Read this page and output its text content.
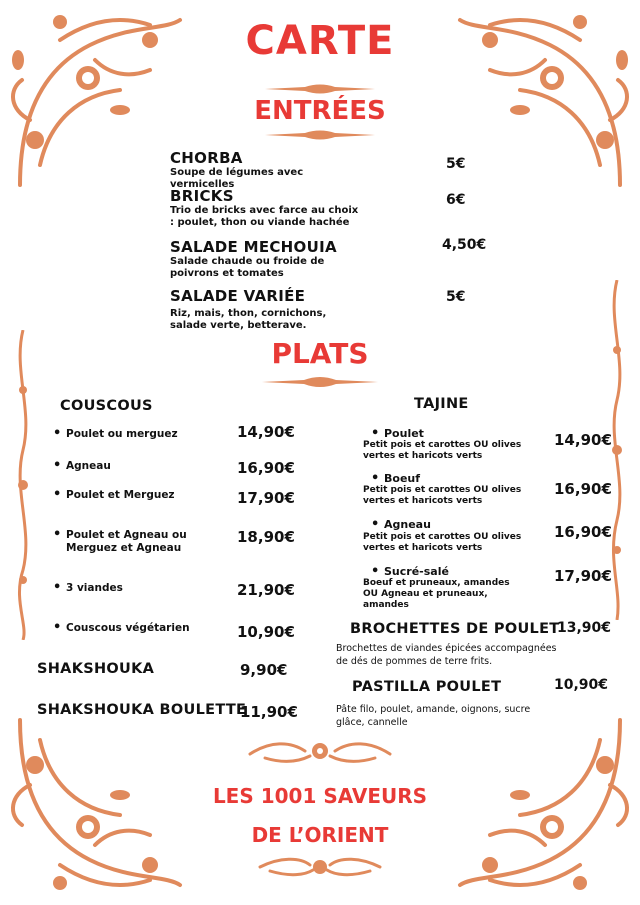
CARTE
ENTRÉES
PLATS
LES 1001 SAVEURS
DE L’ORIENT
CHORBA
Soupe de légumes avec vermicelles
5€
BRICKS
Trio de bricks avec farce au choix : poulet, thon ou viande hachée
6€
SALADE MECHOUIA
Salade chaude ou froide de poivrons et tomates
4,50€
SALADE VARIÉE
Riz, mais, thon, cornichons, salade verte, betterave.
5€
COUSCOUS
• Poulet ou merguez	14,90€
• Agneau	16,90€
• Poulet et Merguez	17,90€
• Poulet et Agneau ou Merguez et Agneau
18,90€
• 3 viandes	21,90€
• Couscous végétarien	10,90€
SHAKSHOUKA	9,90€
SHAKSHOUKA BOULETTE
11,90€
TAJINE
• Poulet
Petit pois et carottes OU olives vertes et haricots verts
14,90€
• Boeuf
Petit pois et carottes OU olives vertes et haricots verts
16,90€
• Agneau
Petit pois et carottes OU olives vertes et haricots verts
16,90€
• Sucré-salé
Boeuf et pruneaux, amandes OU Agneau et pruneaux, amandes
17,90€
BROCHETTES DE POULET
13,90€
Brochettes de viandes épicées accompagnées de dés de pommes de terre frits.
PASTILLA POULET	10,90€
Pâte filo, poulet, amande, oignons, sucre glâce, cannelle
